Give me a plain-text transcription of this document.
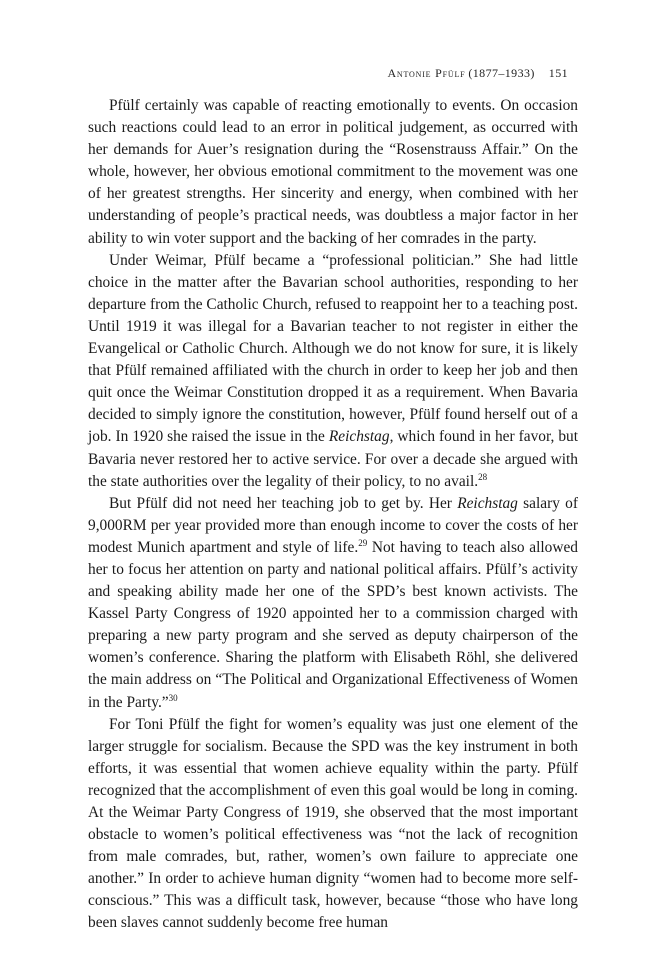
Antonie Pfülf (1877–1933) 151

Pfülf certainly was capable of reacting emotionally to events. On occasion such reactions could lead to an error in political judgement, as occurred with her demands for Auer’s resignation during the “Rosenstrauss Affair.” On the whole, however, her obvious emotional commitment to the movement was one of her greatest strengths. Her sincerity and energy, when combined with her understanding of people’s practical needs, was doubtless a major factor in her ability to win voter support and the backing of her comrades in the party.

Under Weimar, Pfülf became a “professional politician.” She had little choice in the matter after the Bavarian school authorities, responding to her departure from the Catholic Church, refused to reappoint her to a teaching post. Until 1919 it was illegal for a Bavarian teacher to not register in either the Evangelical or Catholic Church. Although we do not know for sure, it is likely that Pfülf remained affiliated with the church in order to keep her job and then quit once the Weimar Constitution dropped it as a requirement. When Bavaria decided to simply ignore the constitution, however, Pfülf found herself out of a job. In 1920 she raised the issue in the Reichstag, which found in her favor, but Bavaria never restored her to active service. For over a decade she argued with the state authorities over the legality of their policy, to no avail.$^{28}$

But Pfülf did not need her teaching job to get by. Her Reichstag salary of 9,000RM per year provided more than enough income to cover the costs of her modest Munich apartment and style of life.$^{29}$ Not having to teach also allowed her to focus her attention on party and national political affairs. Pfülf’s activity and speaking ability made her one of the SPD’s best known activists. The Kassel Party Congress of 1920 appointed her to a commission charged with preparing a new party program and she served as deputy chairperson of the women’s conference. Sharing the platform with Elisabeth Röhl, she delivered the main address on “The Political and Organizational Effectiveness of Women in the Party.”$^{30}$

For Toni Pfülf the fight for women’s equality was just one element of the larger struggle for socialism. Because the SPD was the key instrument in both efforts, it was essential that women achieve equality within the party. Pfülf recognized that the accomplishment of even this goal would be long in coming. At the Weimar Party Congress of 1919, she observed that the most important obstacle to women’s political effectiveness was “not the lack of recognition from male comrades, but, rather, women’s own failure to appreciate one another.” In order to achieve human dignity “women had to become more self-conscious.” This was a difficult task, however, because “those who have long been slaves cannot suddenly become free human
